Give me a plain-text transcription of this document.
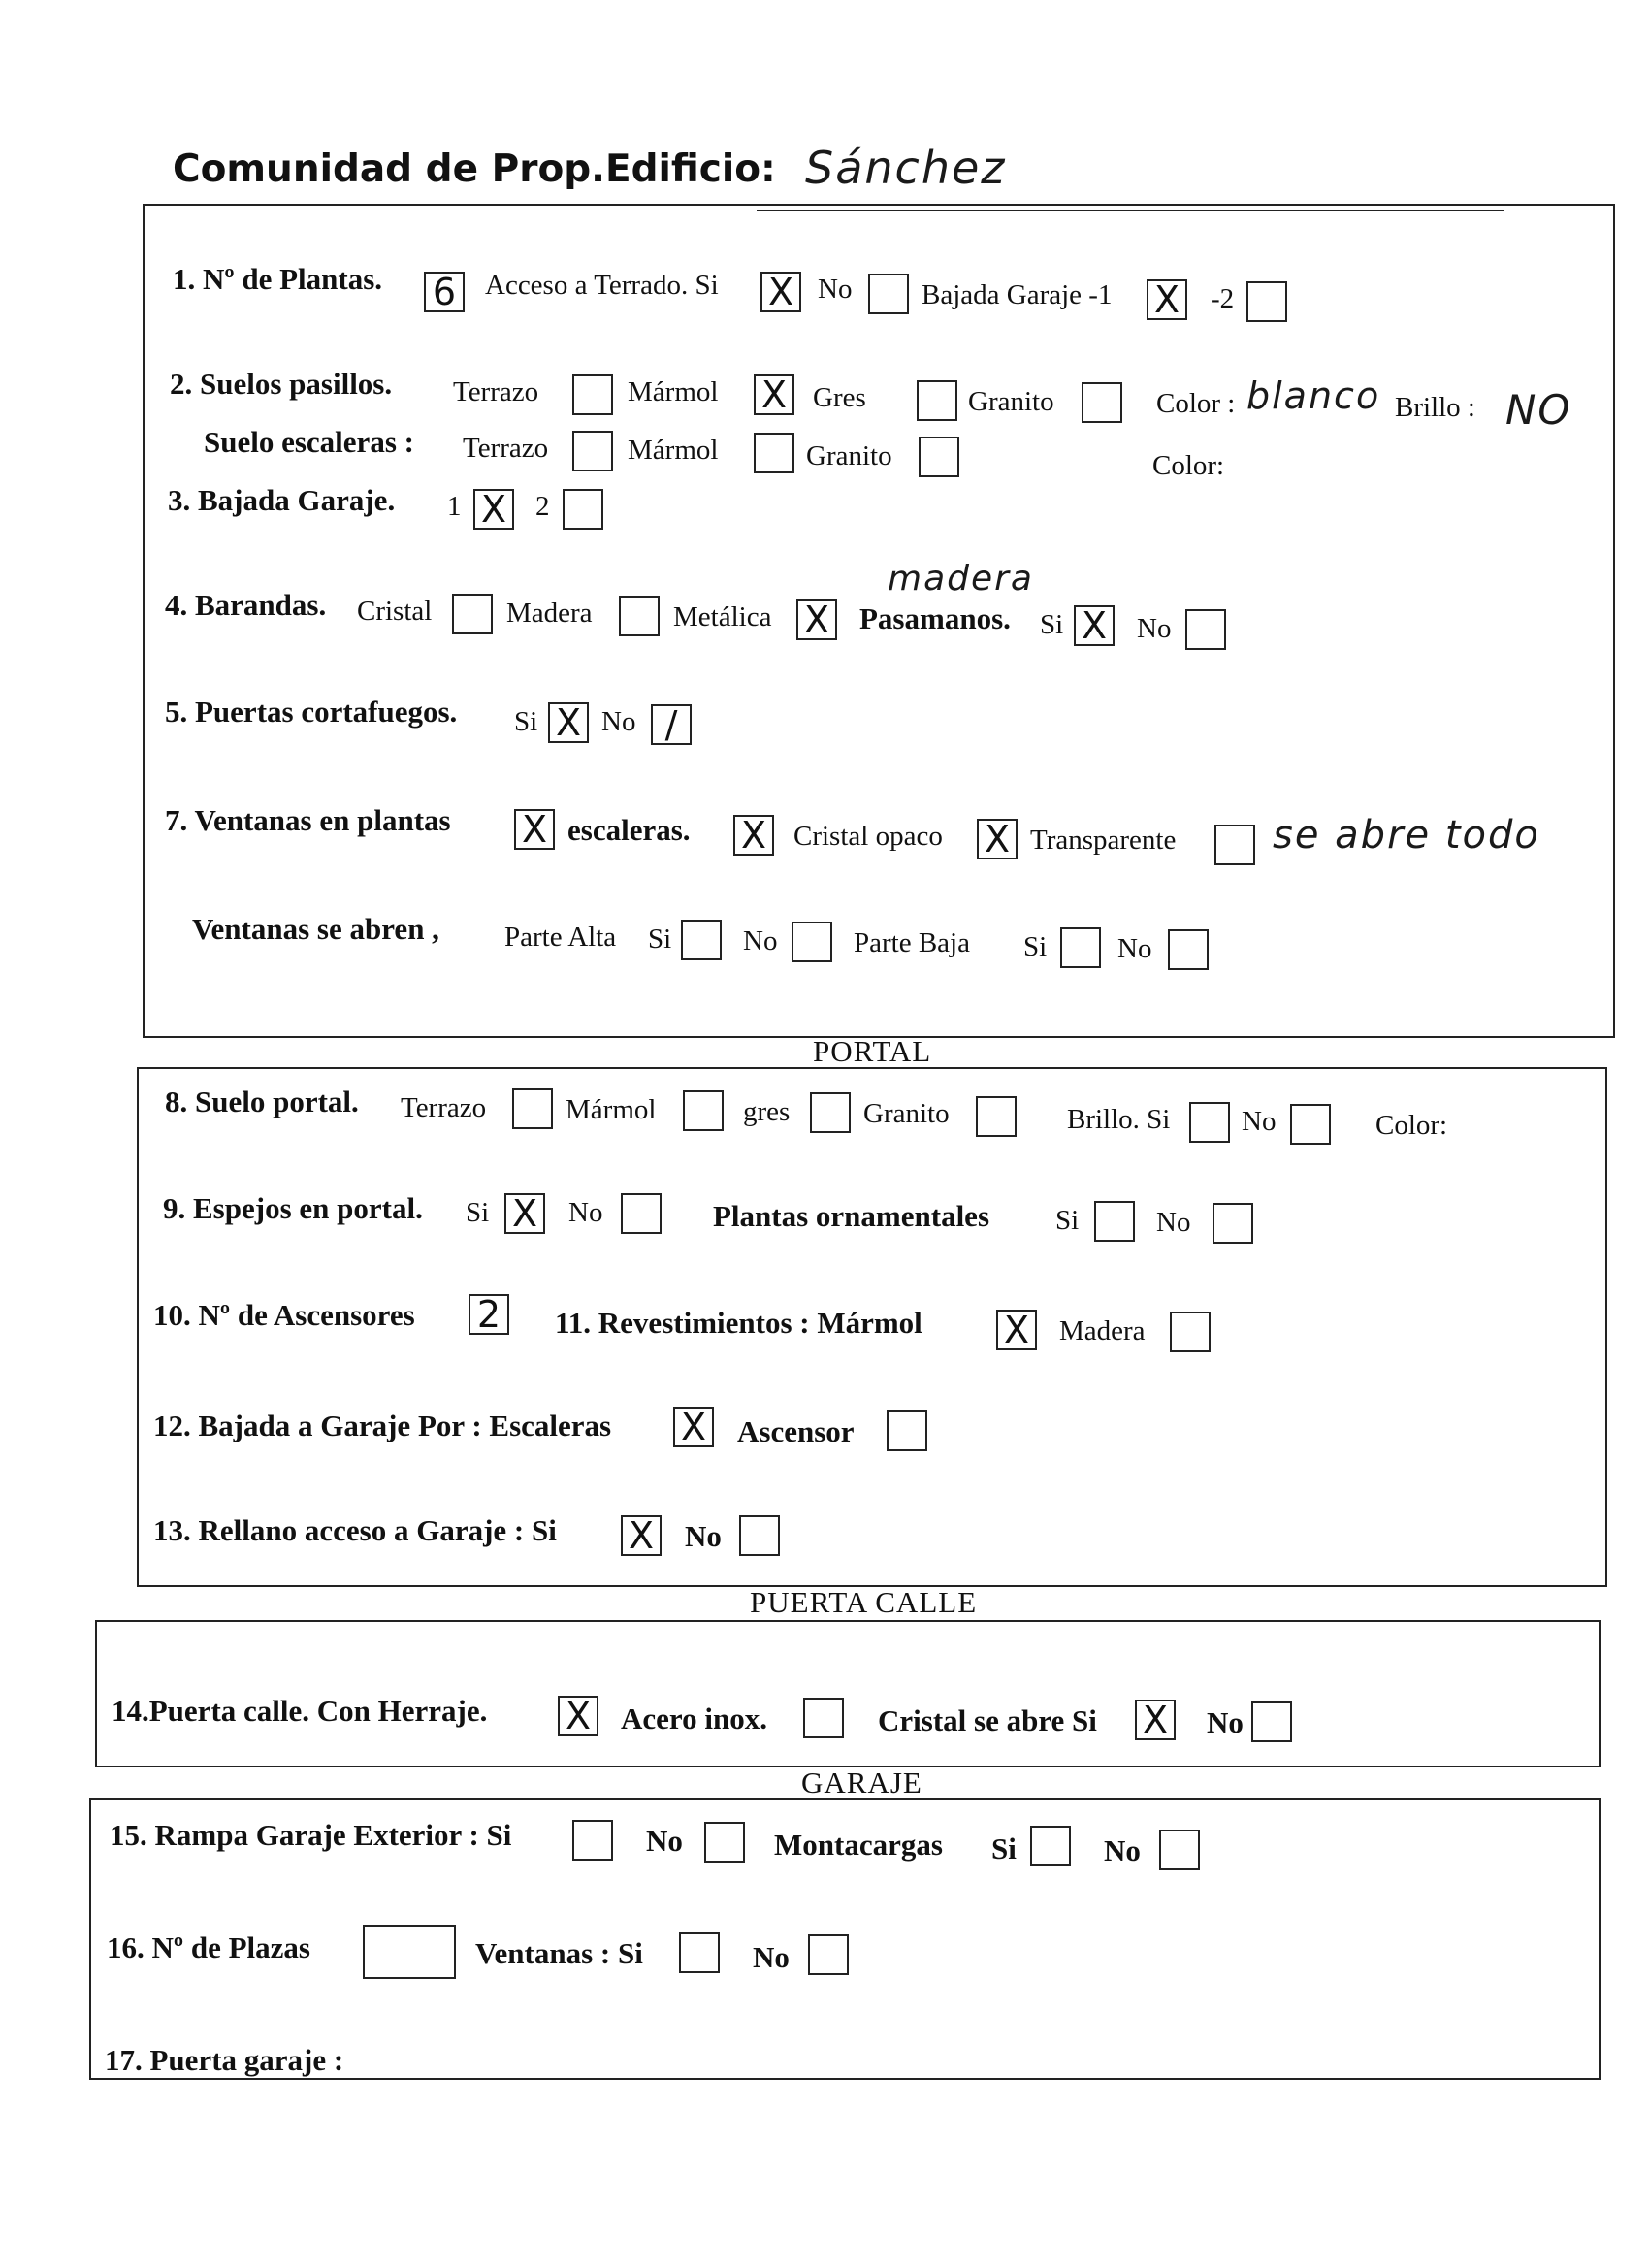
Comunidad de Prop.Edificio: Sánchez
1. Nº de Plantas. 6	Acceso a Terrado. Si X No Bajada Garaje -1 X -2
2. Suelos pasillos. Terrazo	Mármol X Gres	Granito	Color : blanco Brillo : NO
Suelo escaleras : Terrazo	Mármol	Granito	Color:
3. Bajada Garaje. 1 X 2
madera
4. Barandas. Cristal	Madera	Metálica X Pasamanos. Si X No
5. Puertas cortafuegos. Si X No /
7. Ventanas en plantas X escaleras. X Cristal opaco X Transparente se abre todo
Ventanas se abren , Parte Alta Si	No	Parte Baja Si	No
PORTAL
8. Suelo portal. Terrazo	Mármol	gres	Granito	Brillo. Si	No	Color:
9. Espejos en portal. Si X No	Plantas ornamentales Si	No
10. Nº de Ascensores 2 11. Revestimientos : Mármol X Madera
12. Bajada a Garaje Por : Escaleras X Ascensor
13. Rellano acceso a Garaje : Si X No
PUERTA CALLE
14.Puerta calle. Con Herraje. X Acero inox.	Cristal se abre Si X No
GARAJE
15. Rampa Garaje Exterior : Si	No	Montacargas Si	No
16. Nº de Plazas	Ventanas : Si	No
17. Puerta garaje :
